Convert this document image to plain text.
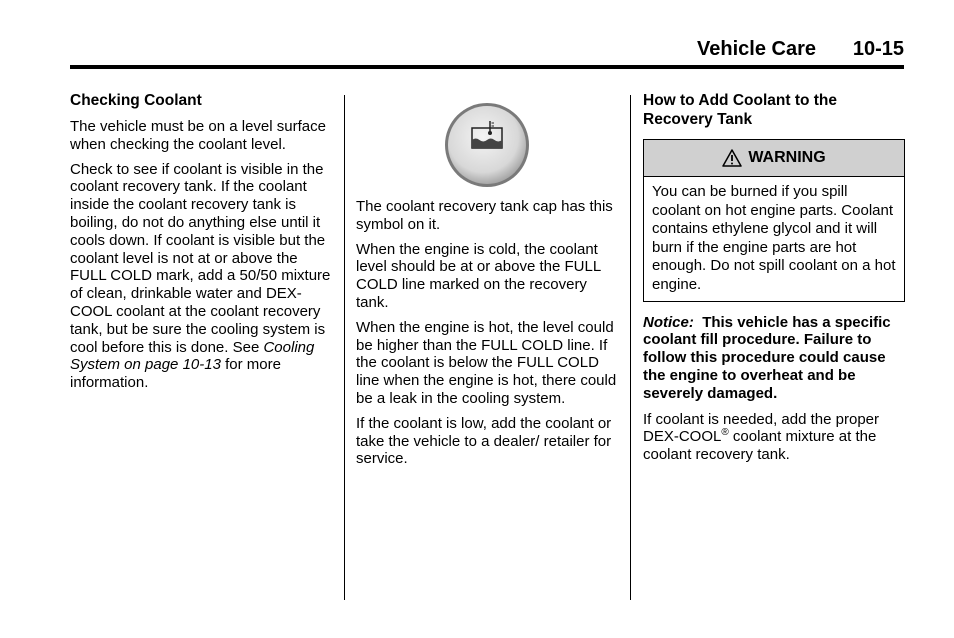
Vehicle Care 10-15
Checking Coolant

The vehicle must be on a level surface when checking the coolant level.

Check to see if coolant is visible in the coolant recovery tank. If the coolant inside the coolant recovery tank is boiling, do not do anything else until it cools down. If coolant is visible but the coolant level is not at or above the FULL COLD mark, add a 50/50 mixture of clean, drinkable water and DEX-COOL coolant at the coolant recovery tank, but be sure the cooling system is cool before this is done. See Cooling System on page 10-13 for more information.

The coolant recovery tank cap has this symbol on it.

When the engine is cold, the coolant level should be at or above the FULL COLD line marked on the recovery tank.

When the engine is hot, the level could be higher than the FULL COLD line. If the coolant is below the FULL COLD line when the engine is hot, there could be a leak in the cooling system.

If the coolant is low, add the coolant or take the vehicle to a dealer/ retailer for service.

How to Add Coolant to the Recovery Tank
WARNING
You can be burned if you spill coolant on hot engine parts. Coolant contains ethylene glycol and it will burn if the engine parts are hot enough. Do not spill coolant on a hot engine.

Notice: This vehicle has a specific coolant fill procedure. Failure to follow this procedure could cause the engine to overheat and be severely damaged.

If coolant is needed, add the proper DEX-COOL® coolant mixture at the coolant recovery tank.
